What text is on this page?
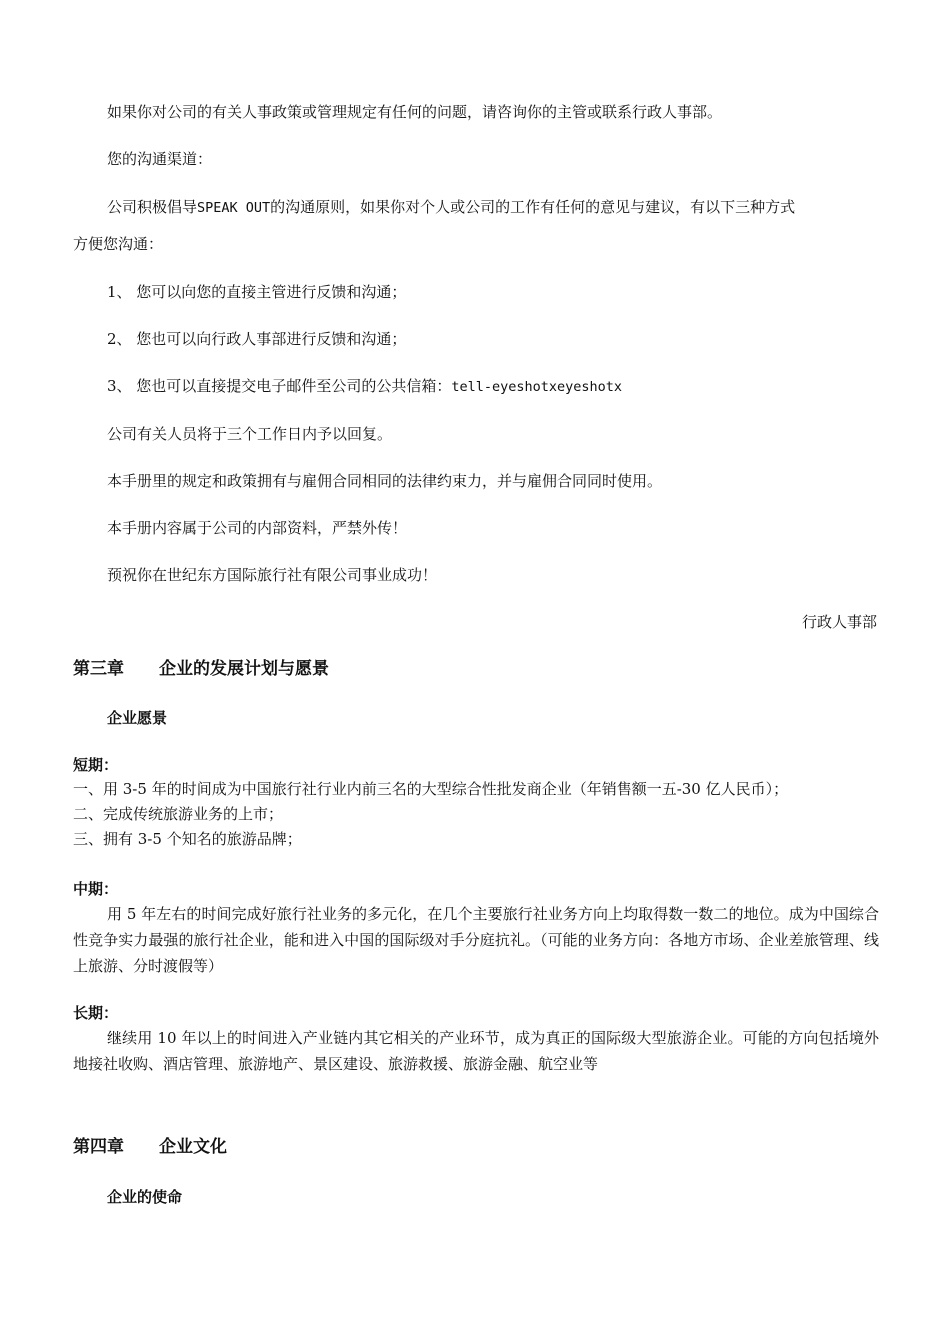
如果你对公司的有关人事政策或管理规定有任何的问题，请咨询你的主管或联系行政人事部。
您的沟通渠道：
公司积极倡导SPEAK OUT的沟通原则，如果你对个人或公司的工作有任何的意见与建议，有以下三种方式
方便您沟通：
1、 您可以向您的直接主管进行反馈和沟通；
2、 您也可以向行政人事部进行反馈和沟通；
3、 您也可以直接提交电子邮件至公司的公共信箱：tell-eyeshotxeyeshotx
公司有关人员将于三个工作日内予以回复。
本手册里的规定和政策拥有与雇佣合同相同的法律约束力，并与雇佣合同同时使用。
本手册内容属于公司的内部资料，严禁外传！
预祝你在世纪东方国际旅行社有限公司事业成功！
行政人事部
第三章 企业的发展计划与愿景
企业愿景
短期：
一、用 3-5 年的时间成为中国旅行社行业内前三名的大型综合性批发商企业（年销售额一五-30 亿人民币）；
二、完成传统旅游业务的上市；
三、拥有 3-5 个知名的旅游品牌；
中期：
用 5 年左右的时间完成好旅行社业务的多元化，在几个主要旅行社业务方向上均取得数一数二的地位。成为中国综合性竞争实力最强的旅行社企业，能和进入中国的国际级对手分庭抗礼。（可能的业务方向：各地方市场、企业差旅管理、线上旅游、分时渡假等）
长期：
继续用 10 年以上的时间进入产业链内其它相关的产业环节，成为真正的国际级大型旅游企业。可能的方向包括境外地接社收购、酒店管理、旅游地产、景区建设、旅游救援、旅游金融、航空业等
第四章 企业文化
企业的使命
